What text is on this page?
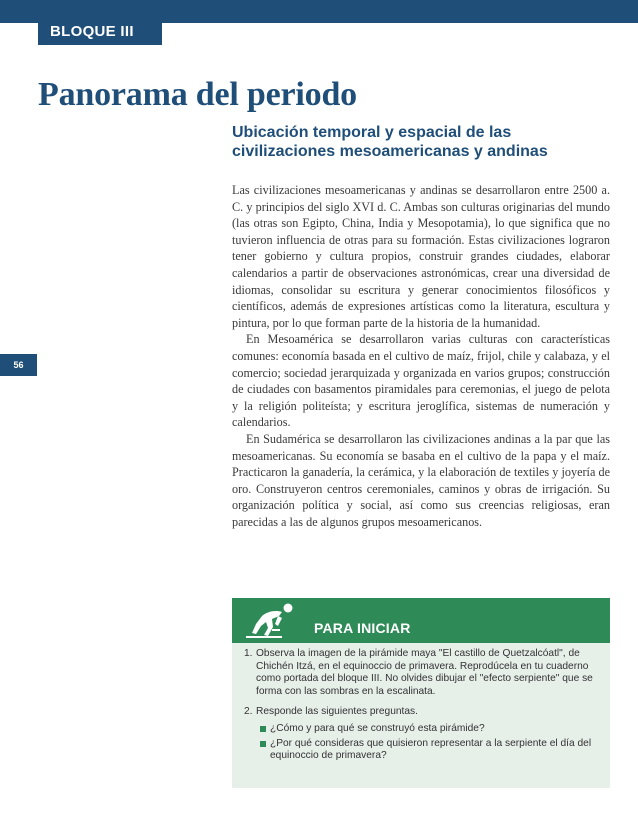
BLOQUE III
56
Panorama del periodo
Ubicación temporal y espacial de las civilizaciones mesoamericanas y andinas

Las civilizaciones mesoamericanas y andinas se desarrollaron entre 2500 a. C. y principios del siglo XVI d. C. Ambas son culturas originarias del mundo (las otras son Egipto, China, India y Mesopotamia), lo que significa que no tuvieron influencia de otras para su formación. Estas civilizaciones lograron tener gobierno y cultura propios, construir grandes ciudades, elaborar calendarios a partir de observaciones astronómicas, crear una diversidad de idiomas, consolidar su escritura y generar conocimientos filosóficos y científicos, además de expresiones artísticas como la literatura, escultura y pintura, por lo que forman parte de la historia de la humanidad.

En Mesoamérica se desarrollaron varias culturas con características comunes: economía basada en el cultivo de maíz, frijol, chile y calabaza, y el comercio; sociedad jerarquizada y organizada en varios grupos; construcción de ciudades con basamentos piramidales para ceremonias, el juego de pelota y la religión politeísta; y escritura jeroglífica, sistemas de numeración y calendarios.

En Sudamérica se desarrollaron las civilizaciones andinas a la par que las mesoamericanas. Su economía se basaba en el cultivo de la papa y el maíz. Practicaron la ganadería, la cerámica, y la elaboración de textiles y joyería de oro. Construyeron centros ceremoniales, caminos y obras de irrigación. Su organización política y social, así como sus creencias religiosas, eran parecidas a las de algunos grupos mesoamericanos.

PARA INICIAR
1. Observa la imagen de la pirámide maya "El castillo de Quetzalcóatl", de Chichén Itzá, en el equinoccio de primavera. Reprodúcela en tu cuaderno como portada del bloque III. No olvides dibujar el "efecto serpiente" que se forma con las sombras en la escalinata.
2. Responde las siguientes preguntas.
¿Cómo y para qué se construyó esta pirámide?
¿Por qué consideras que quisieron representar a la serpiente el día del equinoccio de primavera?
